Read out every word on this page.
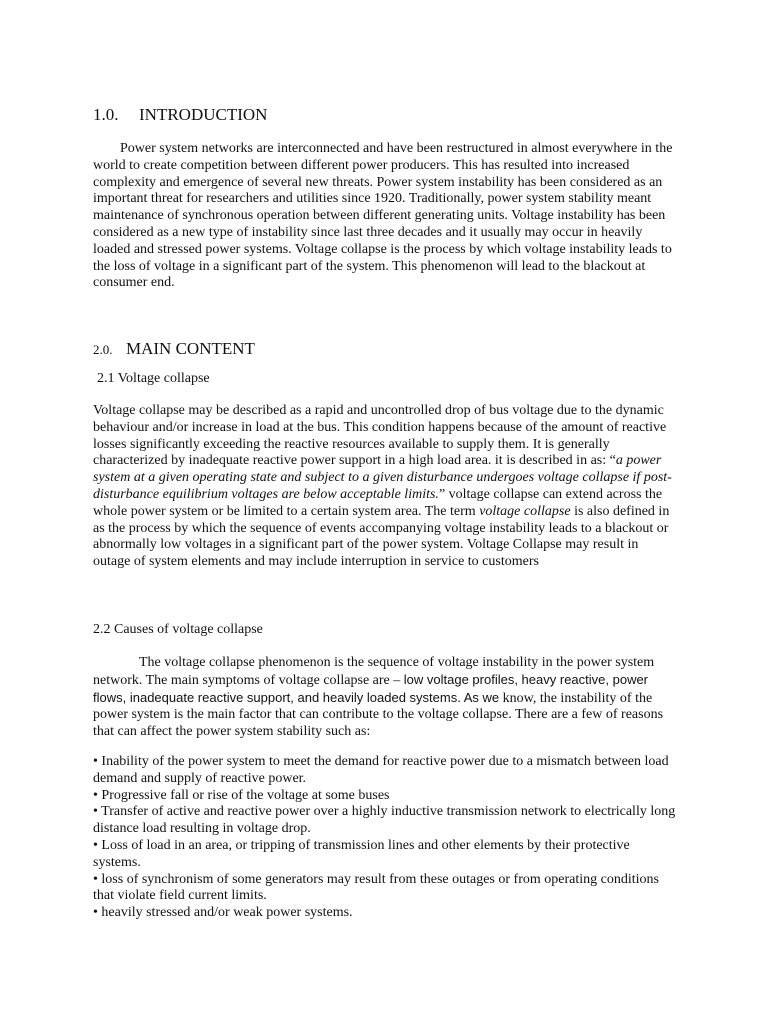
1.0. INTRODUCTION

Power system networks are interconnected and have been restructured in almost everywhere in the world to create competition between different power producers. This has resulted into increased complexity and emergence of several new threats. Power system instability has been considered as an important threat for researchers and utilities since 1920. Traditionally, power system stability meant maintenance of synchronous operation between different generating units. Voltage instability has been considered as a new type of instability since last three decades and it usually may occur in heavily loaded and stressed power systems. Voltage collapse is the process by which voltage instability leads to the loss of voltage in a significant part of the system. This phenomenon will lead to the blackout at consumer end.

2.0. MAIN CONTENT
2.1 Voltage collapse

Voltage collapse may be described as a rapid and uncontrolled drop of bus voltage due to the dynamic behaviour and/or increase in load at the bus. This condition happens because of the amount of reactive losses significantly exceeding the reactive resources available to supply them. It is generally characterized by inadequate reactive power support in a high load area. it is described in as: “a power system at a given operating state and subject to a given disturbance undergoes voltage collapse if post-disturbance equilibrium voltages are below acceptable limits.” voltage collapse can extend across the whole power system or be limited to a certain system area. The term voltage collapse is also defined in as the process by which the sequence of events accompanying voltage instability leads to a blackout or abnormally low voltages in a significant part of the power system. Voltage Collapse may result in outage of system elements and may include interruption in service to customers

2.2 Causes of voltage collapse

The voltage collapse phenomenon is the sequence of voltage instability in the power system network. The main symptoms of voltage collapse are – low voltage profiles, heavy reactive, power flows, inadequate reactive support, and heavily loaded systems. As we know, the instability of the power system is the main factor that can contribute to the voltage collapse. There are a few of reasons that can affect the power system stability such as:

• Inability of the power system to meet the demand for reactive power due to a mismatch between load demand and supply of reactive power.
• Progressive fall or rise of the voltage at some buses
• Transfer of active and reactive power over a highly inductive transmission network to electrically long distance load resulting in voltage drop.
• Loss of load in an area, or tripping of transmission lines and other elements by their protective systems.
• loss of synchronism of some generators may result from these outages or from operating conditions that violate field current limits.
• heavily stressed and/or weak power systems.
